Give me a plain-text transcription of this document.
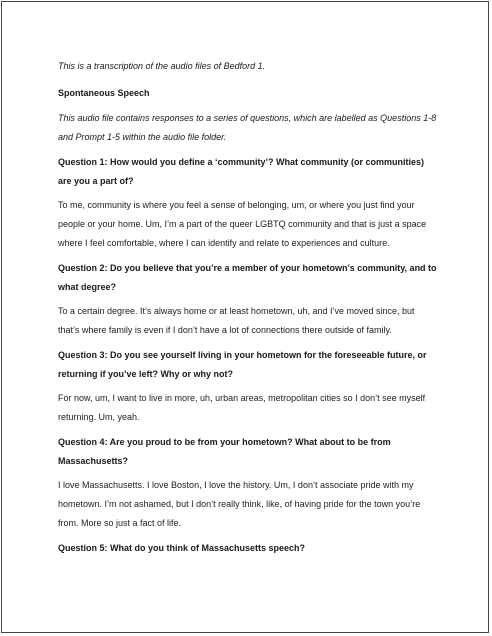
This is a transcription of the audio files of Bedford 1.

Spontaneous Speech

This audio file contains responses to a series of questions, which are labelled as Questions 1-8 and Prompt 1-5 within the audio file folder.

Question 1: How would you define a ‘community’? What community (or communities) are you a part of?

To me, community is where you feel a sense of belonging, um, or where you just find your people or your home. Um, I’m a part of the queer LGBTQ community and that is just a space where I feel comfortable, where I can identify and relate to experiences and culture.

Question 2: Do you believe that you’re a member of your hometown’s community, and to what degree?

To a certain degree. It’s always home or at least hometown, uh, and I’ve moved since, but that’s where family is even if I don’t have a lot of connections there outside of family.

Question 3: Do you see yourself living in your hometown for the foreseeable future, or returning if you’ve left? Why or why not?

For now, um, I want to live in more, uh, urban areas, metropolitan cities so I don’t see myself returning. Um, yeah.

Question 4: Are you proud to be from your hometown? What about to be from Massachusetts?

I love Massachusetts. I love Boston, I love the history. Um, I don’t associate pride with my hometown. I’m not ashamed, but I don’t really think, like, of having pride for the town you’re from. More so just a fact of life.

Question 5: What do you think of Massachusetts speech?
